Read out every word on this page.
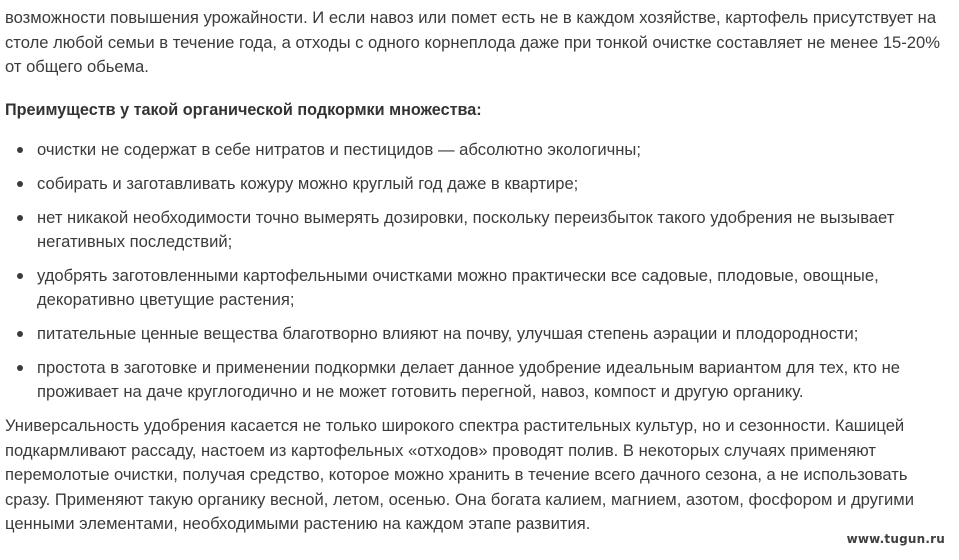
возможности повышения урожайности. И если навоз или помет есть не в каждом хозяйстве, картофель присутствует на столе любой семьи в течение года, а отходы с одного корнеплода даже при тонкой очистке составляет не менее 15-20% от общего обьема.

Преимуществ у такой органической подкормки множества:

очистки не содержат в себе нитратов и пестицидов — абсолютно экологичны;
собирать и заготавливать кожуру можно круглый год даже в квартире;
нет никакой необходимости точно вымерять дозировки, поскольку переизбыток такого удобрения не вызывает негативных последствий;
удобрять заготовленными картофельными очистками можно практически все садовые, плодовые, овощные, декоративно цветущие растения;
питательные ценные вещества благотворно влияют на почву, улучшая степень аэрации и плодородности;
простота в заготовке и применении подкормки делает данное удобрение идеальным вариантом для тех, кто не проживает на даче круглогодично и не может готовить перегной, навоз, компост и другую органику.

Универсальность удобрения касается не только широкого спектра растительных культур, но и сезонности. Кашицей подкармливают рассаду, настоем из картофельных «отходов» проводят полив. В некоторых случаях применяют перемолотые очистки, получая средство, которое можно хранить в течение всего дачного сезона, а не использовать сразу. Применяют такую органику весной, летом, осенью. Она богата калием, магнием, азотом, фосфором и другими ценными элементами, необходимыми растению на каждом этапе развития.

www.tugun.ru
